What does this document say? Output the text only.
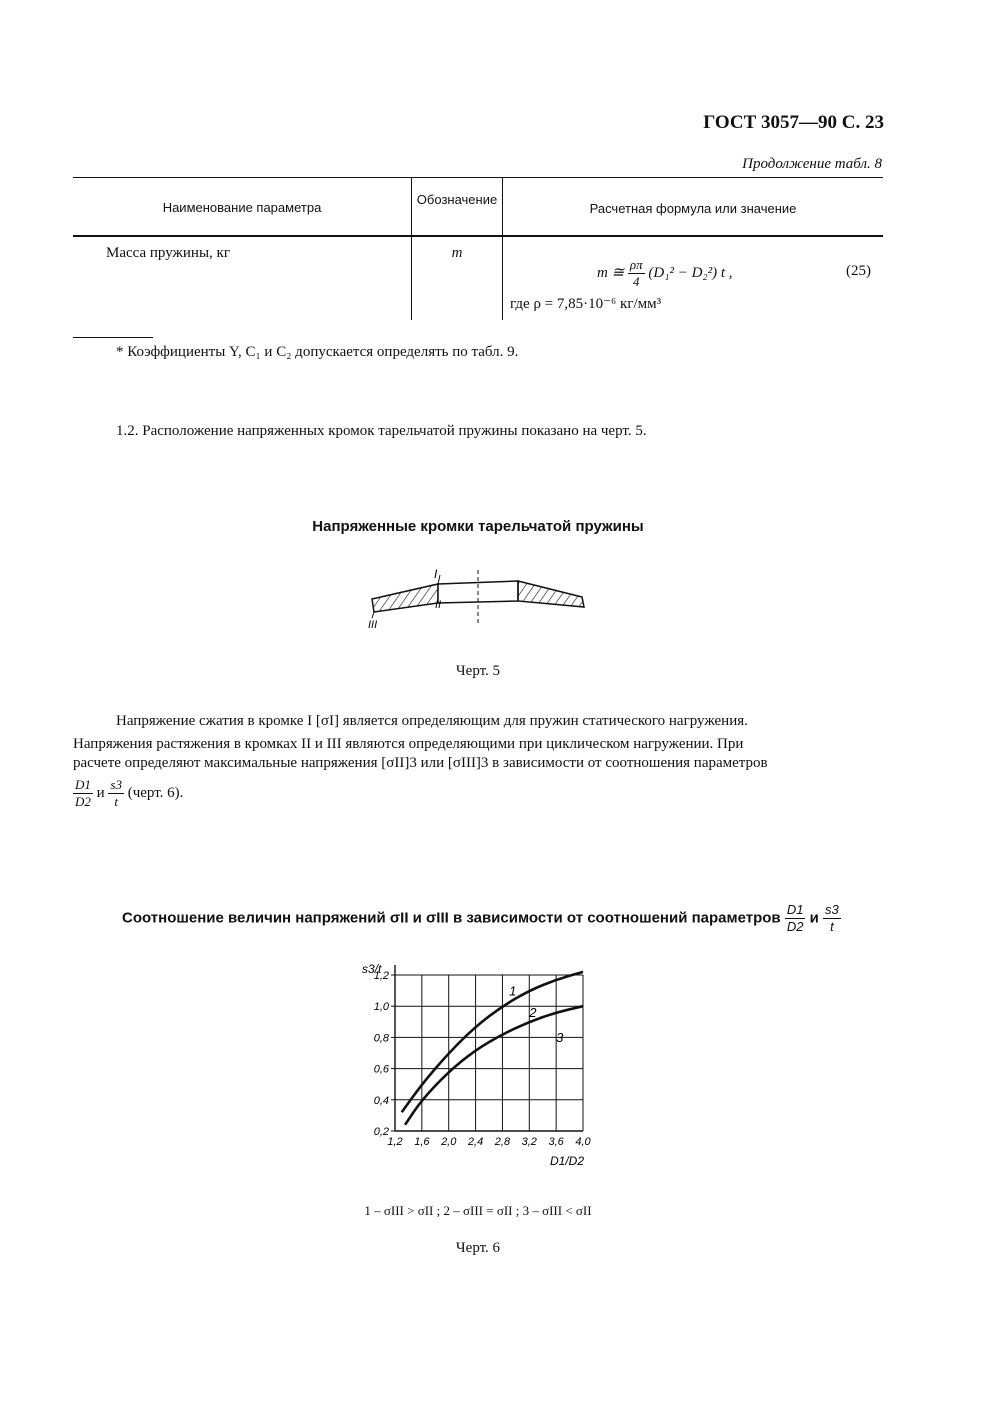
ГОСТ 3057—90 С. 23
Продолжение табл. 8
Наименование параметра
Обозначение
Расчетная формула или значение
Масса пружины, кг	m
m ≅ $\frac{\rho\pi}{4} (D_1^2 - D_2^2)$ t ,	(25)
где ρ = 7,85·10⁻⁶ кг/мм³
* Коэффициенты Y, C₁ и C₂ допускается определять по табл. 9.
1.2. Расположение напряженных кромок тарельчатой пружины показано на черт. 5.
Напряженные кромки тарельчатой пружины
I
II
III
Черт. 5
Напряжение сжатия в кромке I [σI] является определяющим для пружин статического нагружения.
Напряжения растяжения в кромках II и III являются определяющими при циклическом нагружении. При
расчете определяют максимальные напряжения [σII]3 или [σIII]3 в зависимости от соотношения параметров
$\frac{D1}{D2}$ и $\frac{s3}{t}$ (черт. 6).
Соотношение величин напряжений σII и σIII в зависимости от соотношений параметров $\frac{D1}{D2}$ и $\frac{s3}{t}$
0,2
0,4
0,6
0,8
1,0
1,2
1,2 1,6 2,0 2,4 2,8 3,2 3,6 4,0
1
2
3
s3/t
D1/D2
1 – σIII > σII ; 2 – σIII = σII ; 3 – σIII < σII
Черт. 6
